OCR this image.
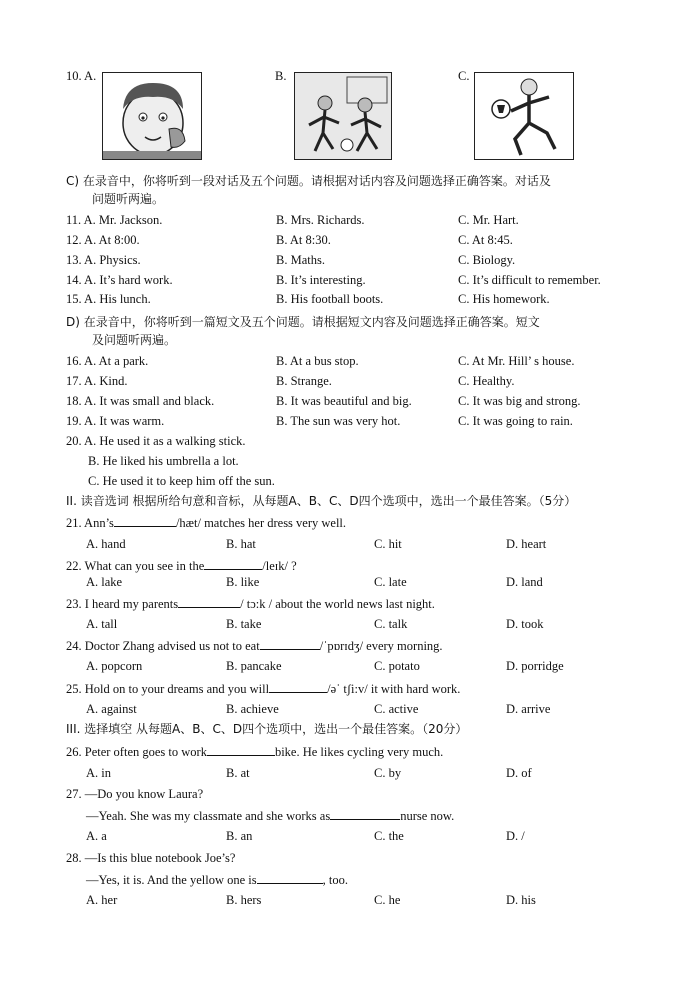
10. A.	B.	C.
C) 在录音中，你将听到一段对话及五个问题。请根据对话内容及问题选择正确答案。对话及
问题听两遍。
11. A. Mr. Jackson.	B. Mrs. Richards.	C. Mr. Hart.
12. A. At 8:00.	B. At 8:30.	C. At 8:45.
13. A. Physics.	B. Maths.	C. Biology.
14. A. It’s hard work.	B. It’s interesting.	C. It’s difficult to remember.
15. A. His lunch.	B. His football boots.	C. His homework.
D) 在录音中，你将听到一篇短文及五个问题。请根据短文内容及问题选择正确答案。短文
及问题听两遍。
16. A. At a park.	B. At a bus stop.	C. At Mr. Hill’ s house.
17. A. Kind.	B. Strange.	C. Healthy.
18. A. It was small and black.	B. It was beautiful and big.	C. It was big and strong.
19. A. It was warm.	B. The sun was very hot.	C. It was going to rain.
20. A. He used it as a walking stick.
B. He liked his umbrella a lot.
C. He used it to keep him off the sun.
II. 读音选词 根据所给句意和音标，从每题A、B、C、D四个选项中，选出一个最佳答案。（5分）
21. Ann’s	/hæt/ matches her dress very well.
A. hand	B. hat	C. hit	D. heart
22. What can you see in the	/leɪk/ ?
A. lake	B. like	C. late	D. land
23. I heard my parents	/ tɔ:k / about the world news last night.
A. tall	B. take	C. talk	D. took
24. Doctor Zhang advised us not to eat	/ˈpɒrɪdʒ/ every morning.
A. popcorn	B. pancake	C. potato	D. porridge
25. Hold on to your dreams and you will	/əˈ tʃi:v/ it with hard work.
A. against	B. achieve	C. active	D. arrive
III. 选择填空 从每题A、B、C、D四个选项中，选出一个最佳答案。（20分）
26. Peter often goes to work	bike. He likes cycling very much.
A. in	B. at	C. by	D. of
27. —Do you know Laura?
—Yeah. She was my classmate and she works as	nurse now.
A. a	B. an	C. the	D. /
28. —Is this blue notebook Joe’s?
—Yes, it is. And the yellow one is	, too.
A. her	B. hers	C. he	D. his
